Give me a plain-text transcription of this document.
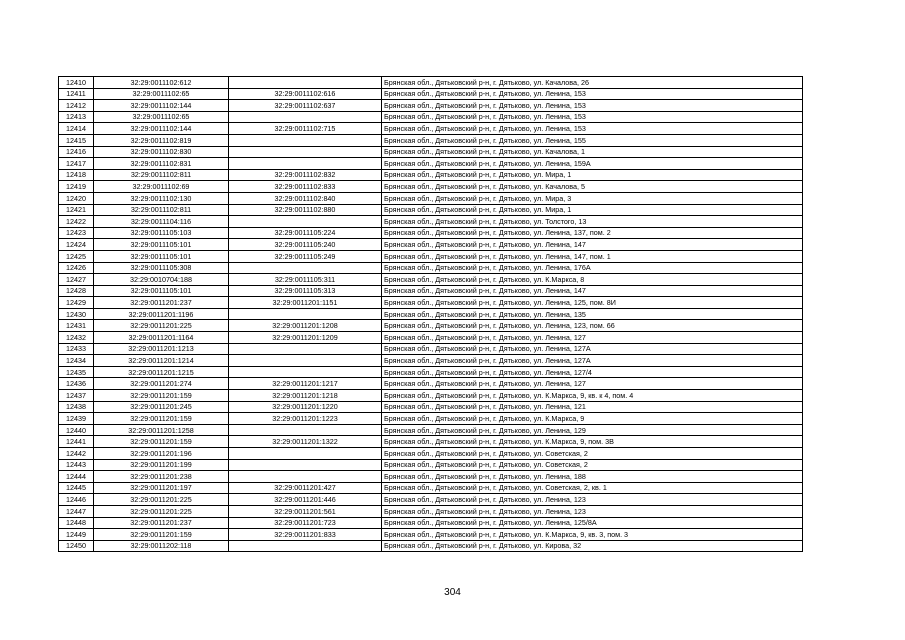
12410	32:29:0011102:612		Брянская обл., Дятьковский р-н, г. Дятьково, ул. Качалова, 26
12411	32:29:0011102:65	32:29:0011102:616	Брянская обл., Дятьковский р-н, г. Дятьково, ул. Ленина, 153
12412	32:29:0011102:144	32:29:0011102:637	Брянская обл., Дятьковский р-н, г. Дятьково, ул. Ленина, 153
12413	32:29:0011102:65		Брянская обл., Дятьковский р-н, г. Дятьково, ул. Ленина, 153
12414	32:29:0011102:144	32:29:0011102:715	Брянская обл., Дятьковский р-н, г. Дятьково, ул. Ленина, 153
12415	32:29:0011102:819		Брянская обл., Дятьковский р-н, г. Дятьково, ул. Ленина, 155
12416	32:29:0011102:830		Брянская обл., Дятьковский р-н, г. Дятьково, ул. Качалова, 1
12417	32:29:0011102:831		Брянская обл., Дятьковский р-н, г. Дятьково, ул. Ленина, 159А
12418	32:29:0011102:811	32:29:0011102:832	Брянская обл., Дятьковский р-н, г. Дятьково, ул. Мира, 1
12419	32:29:0011102:69	32:29:0011102:833	Брянская обл., Дятьковский р-н, г. Дятьково, ул. Качалова, 5
12420	32:29:0011102:130	32:29:0011102:840	Брянская обл., Дятьковский р-н, г. Дятьково, ул. Мира, 3
12421	32:29:0011102:811	32:29:0011102:880	Брянская обл., Дятьковский р-н, г. Дятьково, ул. Мира, 1
12422	32:29:0011104:116		Брянская обл., Дятьковский р-н, г. Дятьково, ул. Толстого, 13
12423	32:29:0011105:103	32:29:0011105:224	Брянская обл., Дятьковский р-н, г. Дятьково, ул. Ленина, 137, пом. 2
12424	32:29:0011105:101	32:29:0011105:240	Брянская обл., Дятьковский р-н, г. Дятьково, ул. Ленина, 147
12425	32:29:0011105:101	32:29:0011105:249	Брянская обл., Дятьковский р-н, г. Дятьково, ул. Ленина, 147, пом. 1
12426	32:29:0011105:308		Брянская обл., Дятьковский р-н, г. Дятьково, ул. Ленина, 176А
12427	32:29:0010704:188	32:29:0011105:311	Брянская обл., Дятьковский р-н, г. Дятьково, ул. К.Маркса, 8
12428	32:29:0011105:101	32:29:0011105:313	Брянская обл., Дятьковский р-н, г. Дятьково, ул. Ленина, 147
12429	32:29:0011201:237	32:29:0011201:1151	Брянская обл., Дятьковский р-н, г. Дятьково, ул. Ленина, 125, пом. 8И
12430	32:29:0011201:1196		Брянская обл., Дятьковский р-н, г. Дятьково, ул. Ленина, 135
12431	32:29:0011201:225	32:29:0011201:1208	Брянская обл., Дятьковский р-н, г. Дятьково, ул. Ленина, 123, пом. 66
12432	32:29:0011201:1164	32:29:0011201:1209	Брянская обл., Дятьковский р-н, г. Дятьково, ул. Ленина, 127
12433	32:29:0011201:1213		Брянская обл., Дятьковский р-н, г. Дятьково, ул. Ленина, 127А
12434	32:29:0011201:1214		Брянская обл., Дятьковский р-н, г. Дятьково, ул. Ленина, 127А
12435	32:29:0011201:1215		Брянская обл., Дятьковский р-н, г. Дятьково, ул. Ленина, 127/4
12436	32:29:0011201:274	32:29:0011201:1217	Брянская обл., Дятьковский р-н, г. Дятьково, ул. Ленина, 127
12437	32:29:0011201:159	32:29:0011201:1218	Брянская обл., Дятьковский р-н, г. Дятьково, ул. К.Маркса, 9, кв. к 4, пом. 4
12438	32:29:0011201:245	32:29:0011201:1220	Брянская обл., Дятьковский р-н, г. Дятьково, ул. Ленина, 121
12439	32:29:0011201:159	32:29:0011201:1223	Брянская обл., Дятьковский р-н, г. Дятьково, ул. К.Маркса, 9
12440	32:29:0011201:1258		Брянская обл., Дятьковский р-н, г. Дятьково, ул. Ленина, 129
12441	32:29:0011201:159	32:29:0011201:1322	Брянская обл., Дятьковский р-н, г. Дятьково, ул. К.Маркса, 9, пом. 3В
12442	32:29:0011201:196		Брянская обл., Дятьковский р-н, г. Дятьково, ул. Советская, 2
12443	32:29:0011201:199		Брянская обл., Дятьковский р-н, г. Дятьково, ул. Советская, 2
12444	32:29:0011201:238		Брянская обл., Дятьковский р-н, г. Дятьково, ул. Ленина, 188
12445	32:29:0011201:197	32:29:0011201:427	Брянская обл., Дятьковский р-н, г. Дятьково, ул. Советская, 2, кв. 1
12446	32:29:0011201:225	32:29:0011201:446	Брянская обл., Дятьковский р-н, г. Дятьково, ул. Ленина, 123
12447	32:29:0011201:225	32:29:0011201:561	Брянская обл., Дятьковский р-н, г. Дятьково, ул. Ленина, 123
12448	32:29:0011201:237	32:29:0011201:723	Брянская обл., Дятьковский р-н, г. Дятьково, ул. Ленина, 125/8А
12449	32:29:0011201:159	32:29:0011201:833	Брянская обл., Дятьковский р-н, г. Дятьково, ул. К.Маркса, 9, кв. 3, пом. 3
12450	32:29:0011202:118		Брянская обл., Дятьковский р-н, г. Дятьково, ул. Кирова, 32
304
